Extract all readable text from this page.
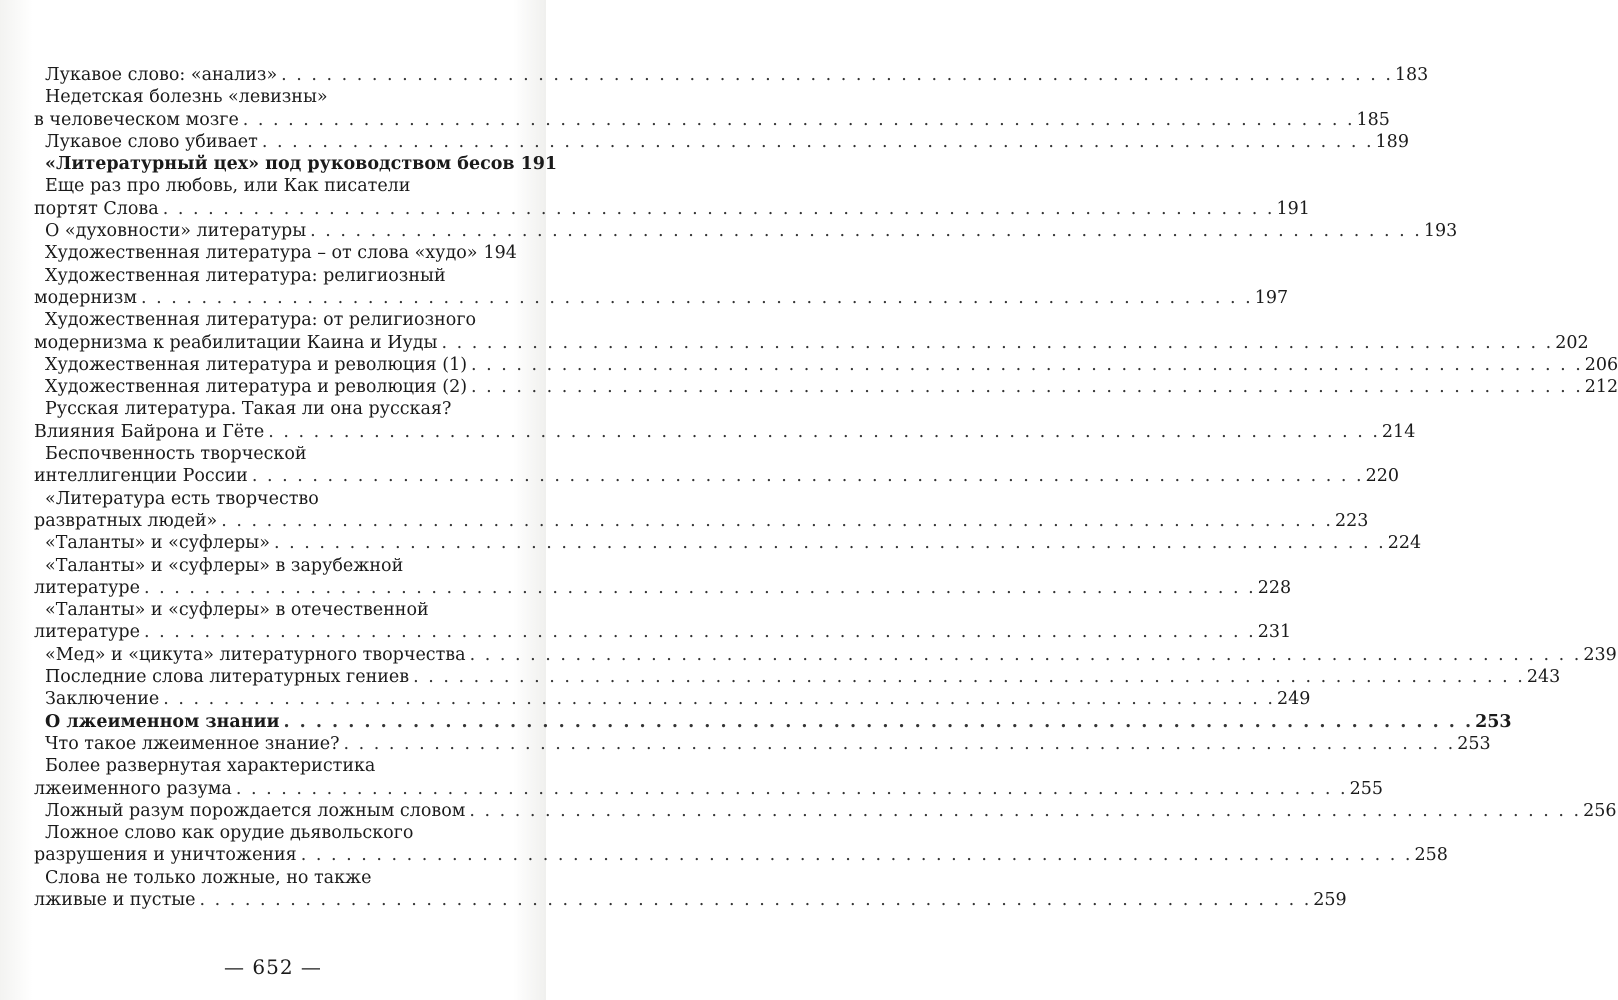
Лукавое слово: «анализ» . . .	183
Недетская болезнь «левизны»
в человеческом мозге . . .	185
Лукавое слово убивает . . .	189
«Литературный цех» под руководством бесов 191
Еще раз про любовь, или Как писатели
портят Слова . . .	191
О «духовности» литературы . . .	193
Художественная литература – от слова «худо» 194
Художественная литература: религиозный
модернизм . . .	197
Художественная литература: от религиозного
модернизма к реабилитации Каина и Иуды . . .	202
Художественная литература и революция (1) . . .	206
Художественная литература и революция (2) . . .	212
Русская литература. Такая ли она русская?
Влияния Байрона и Гёте . . .	214
Беспочвенность творческой
интеллигенции России . . .	220
«Литература есть творчество
развратных людей» . . .	223
«Таланты» и «суфлеры» . . .	224
«Таланты» и «суфлеры» в зарубежной
литературе . . .	228
«Таланты» и «суфлеры» в отечественной
литературе . . .	231
«Мед» и «цикута» литературного творчества . . .	239
Последние слова литературных гениев . . .	243
Заключение . . .	249
О лжеименном знании . . .	253
Что такое лжеименное знание? . . .	253
Более развернутая характеристика
лжеименного разума . . .	255
Ложный разум порождается ложным словом . . .	256
Ложное слово как орудие дьявольского
разрушения и уничтожения . . .	258
Слова не только ложные, но также
лживые и пустые . . .	259
— 652 —
